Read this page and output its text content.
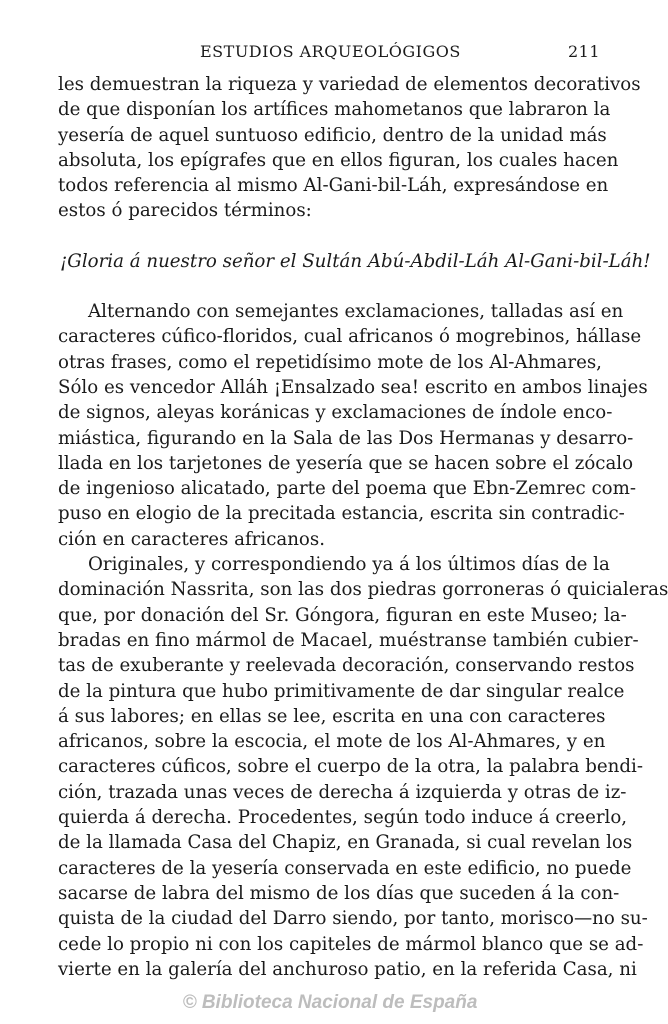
ESTUDIOS ARQUEOLÓGIGOS	211
les demuestran la riqueza y variedad de elementos decorativos
de que disponían los artífices mahometanos que labraron la
yesería de aquel suntuoso edificio, dentro de la unidad más
absoluta, los epígrafes que en ellos figuran, los cuales hacen
todos referencia al mismo Al-Gani-bil-Láh, expresándose en
estos ó parecidos términos:
¡Gloria á nuestro señor el Sultán Abú-Abdil-Láh Al-Gani-bil-Láh!
Alternando con semejantes exclamaciones, talladas así en
caracteres cúfico-floridos, cual africanos ó mogrebinos, hállase
otras frases, como el repetidísimo mote de los Al-Ahmares,
Sólo es vencedor Alláh ¡Ensalzado sea! escrito en ambos linajes
de signos, aleyas koránicas y exclamaciones de índole enco-
miástica, figurando en la Sala de las Dos Hermanas y desarro-
llada en los tarjetones de yesería que se hacen sobre el zócalo
de ingenioso alicatado, parte del poema que Ebn-Zemrec com-
puso en elogio de la precitada estancia, escrita sin contradic-
ción en caracteres africanos.
Originales, y correspondiendo ya á los últimos días de la
dominación Nassrita, son las dos piedras gorroneras ó quicialeras
que, por donación del Sr. Góngora, figuran en este Museo; la-
bradas en fino mármol de Macael, muéstranse también cubier-
tas de exuberante y reelevada decoración, conservando restos
de la pintura que hubo primitivamente de dar singular realce
á sus labores; en ellas se lee, escrita en una con caracteres
africanos, sobre la escocia, el mote de los Al-Ahmares, y en
caracteres cúficos, sobre el cuerpo de la otra, la palabra bendi-
ción, trazada unas veces de derecha á izquierda y otras de iz-
quierda á derecha. Procedentes, según todo induce á creerlo,
de la llamada Casa del Chapiz, en Granada, si cual revelan los
caracteres de la yesería conservada en este edificio, no puede
sacarse de labra del mismo de los días que suceden á la con-
quista de la ciudad del Darro siendo, por tanto, morisco—no su-
cede lo propio ni con los capiteles de mármol blanco que se ad-
vierte en la galería del anchuroso patio, en la referida Casa, ni
© Biblioteca Nacional de España
